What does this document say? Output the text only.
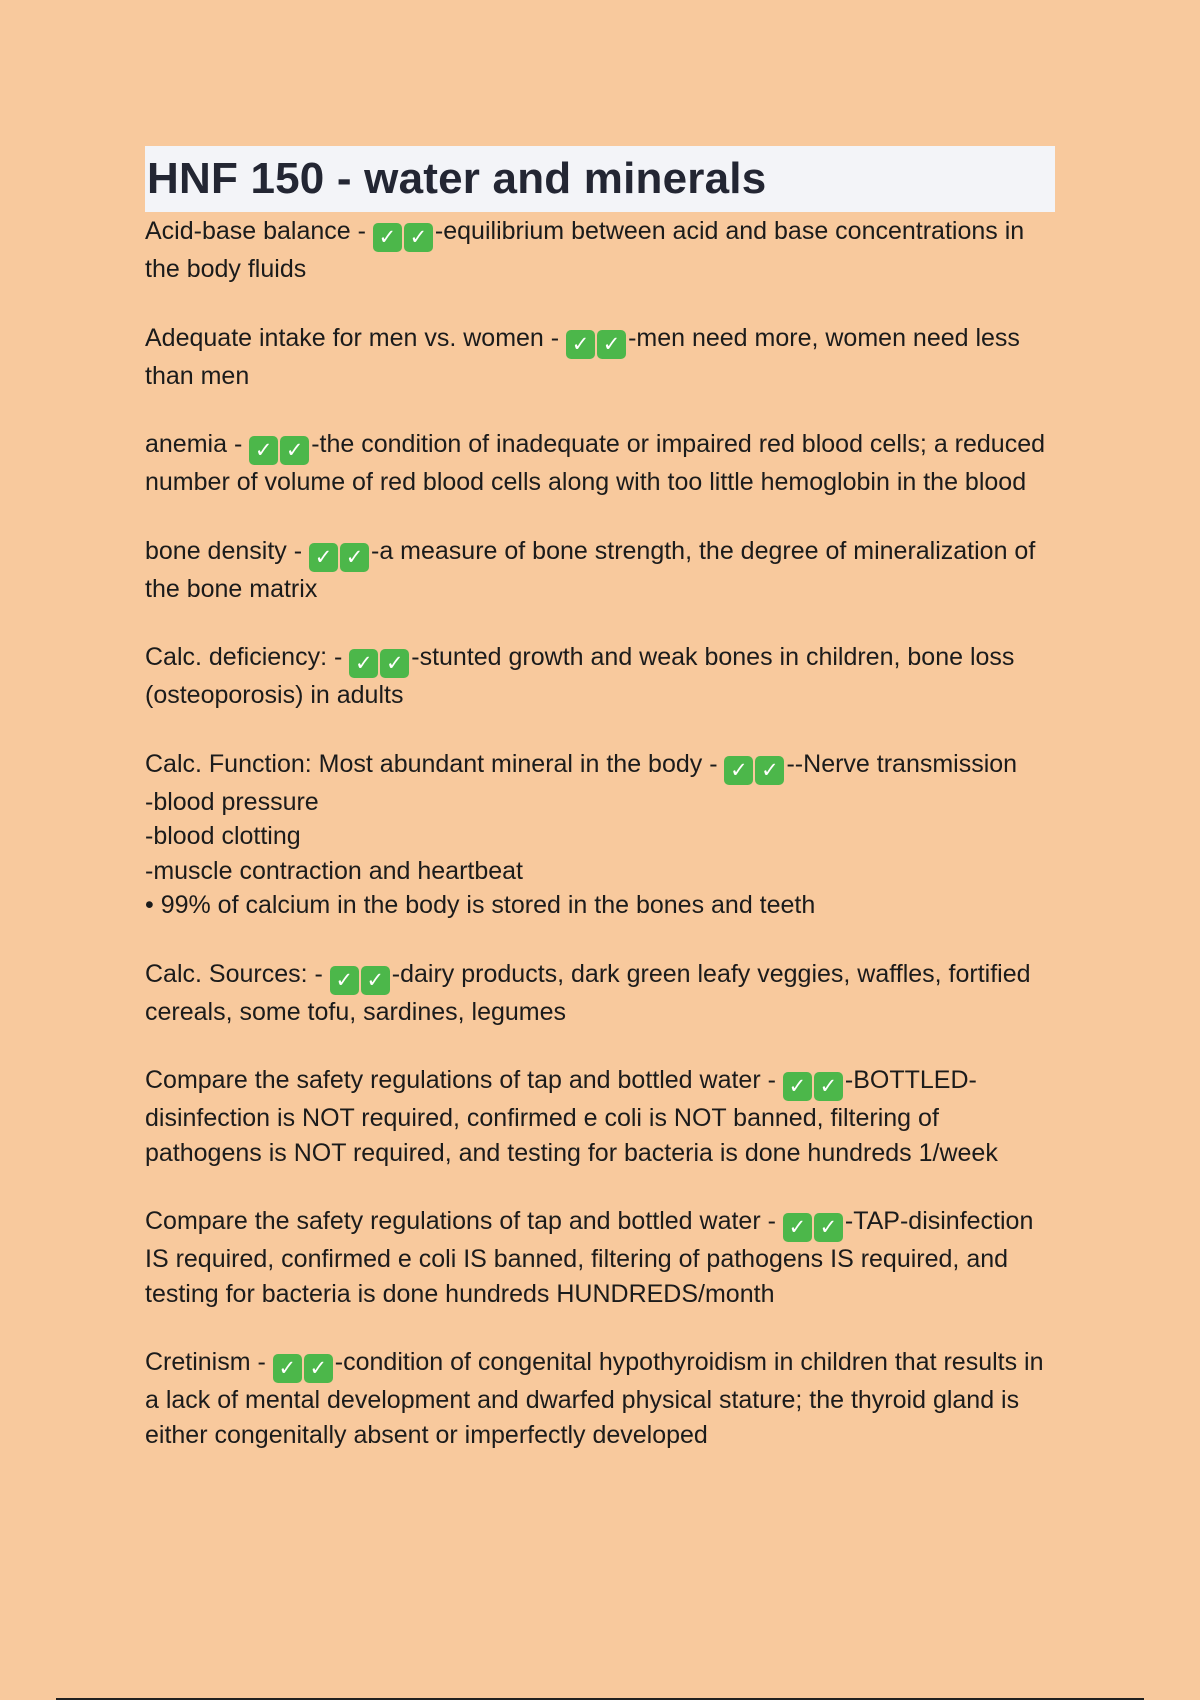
HNF 150 - water and minerals
Acid-base balance - ✓ ✓ -equilibrium between acid and base concentrations in the body fluids
Adequate intake for men vs. women - ✓ ✓ -men need more, women need less than men
anemia - ✓ ✓ -the condition of inadequate or impaired red blood cells; a reduced number of volume of red blood cells along with too little hemoglobin in the blood
bone density - ✓ ✓ -a measure of bone strength, the degree of mineralization of the bone matrix
Calc. deficiency: - ✓ ✓ -stunted growth and weak bones in children, bone loss (osteoporosis) in adults
Calc. Function: Most abundant mineral in the body - ✓ ✓ --Nerve transmission
-blood pressure
-blood clotting
-muscle contraction and heartbeat
• 99% of calcium in the body is stored in the bones and teeth
Calc. Sources: - ✓ ✓ -dairy products, dark green leafy veggies, waffles, fortified cereals, some tofu, sardines, legumes
Compare the safety regulations of tap and bottled water - ✓ ✓ -BOTTLED-disinfection is NOT required, confirmed e coli is NOT banned, filtering of pathogens is NOT required, and testing for bacteria is done hundreds 1/week
Compare the safety regulations of tap and bottled water - ✓ ✓ -TAP-disinfection IS required, confirmed e coli IS banned, filtering of pathogens IS required, and testing for bacteria is done hundreds HUNDREDS/month
Cretinism - ✓ ✓ -condition of congenital hypothyroidism in children that results in a lack of mental development and dwarfed physical stature; the thyroid gland is either congenitally absent or imperfectly developed
